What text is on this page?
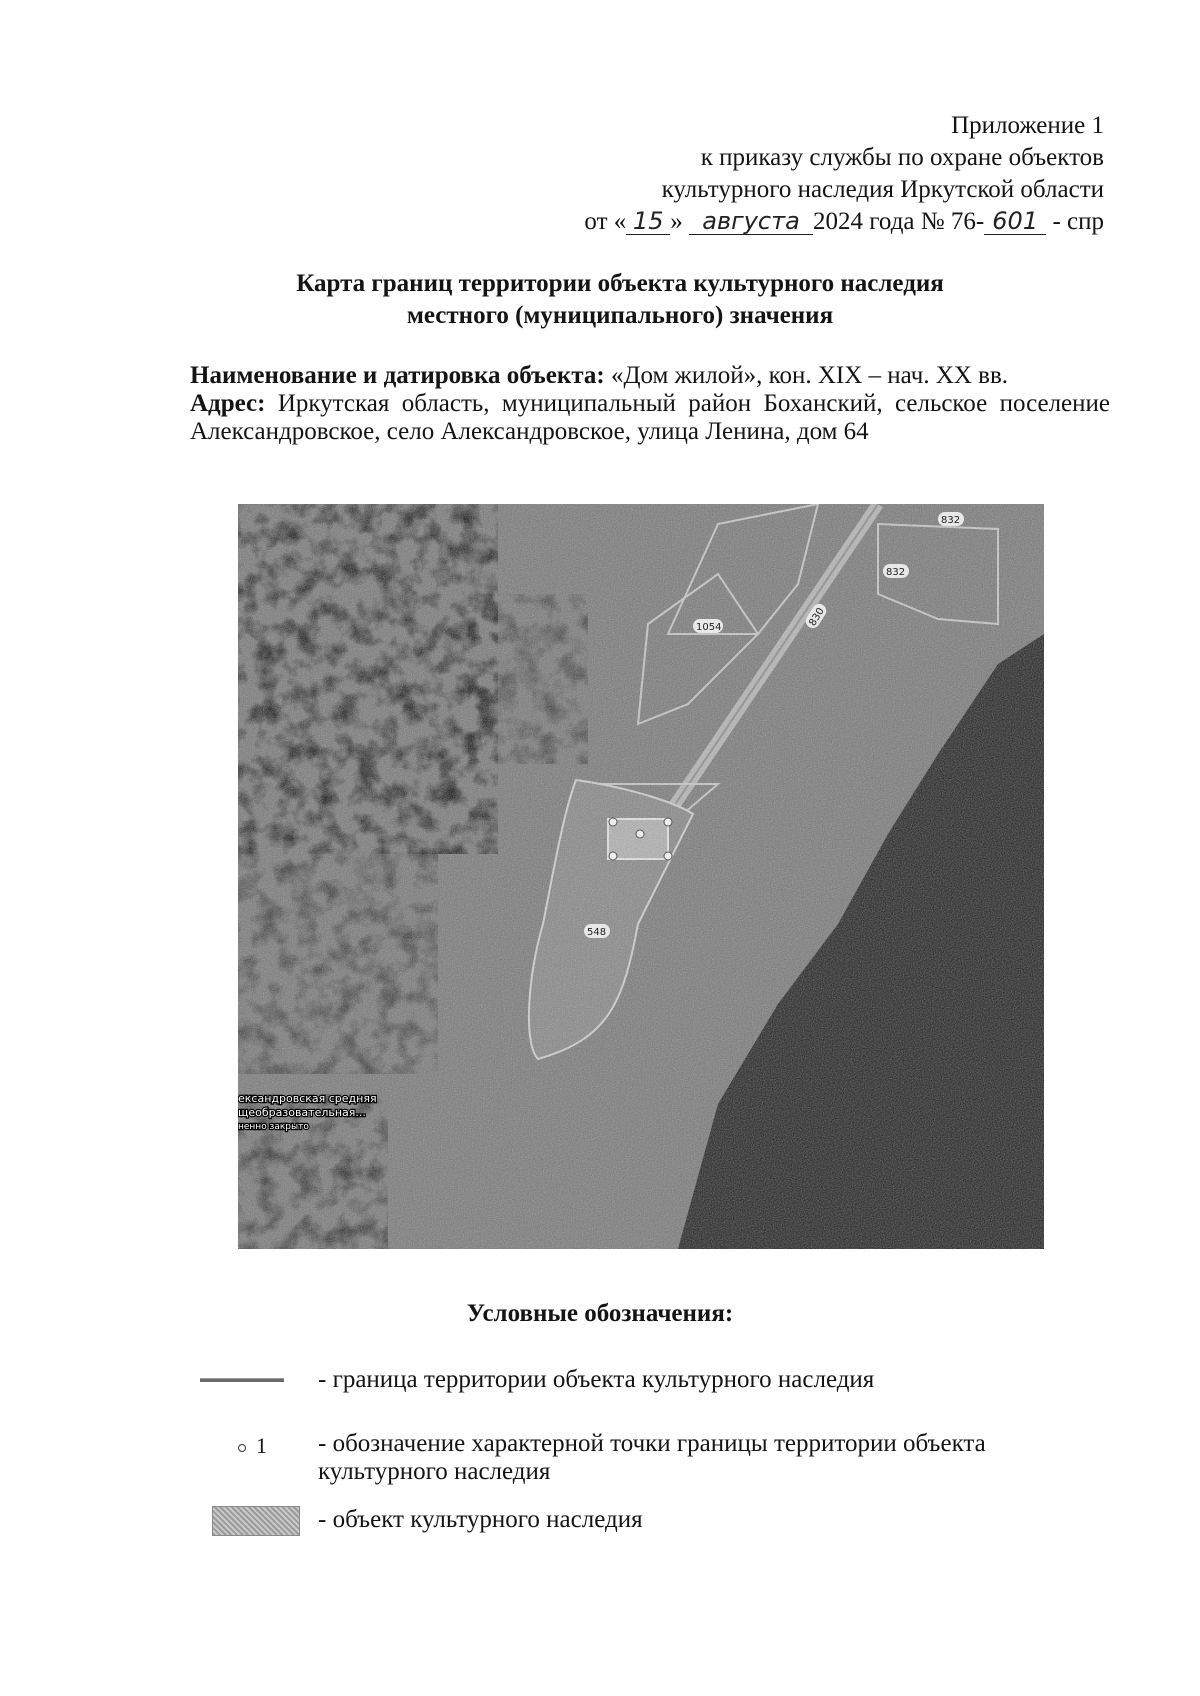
Приложение 1
к приказу службы по охране объектов
культурного наследия Иркутской области
от « 15 » августа 2024 года № 76- 601 - спр
Карта границ территории объекта культурного наследия
местного (муниципального) значения
Наименование и датировка объекта: «Дом жилой», кон. XIX – нач. XX вв.
Адрес: Иркутская область, муниципальный район Боханский, сельское поселение Александровское, село Александровское, улица Ленина, дом 64
832
832
1054
548
830
ександровская средняя
щеобразовательная...
ненно закрыто
Условные обозначения:
- граница территории объекта культурного наследия
1 - обозначение характерной точки границы территории объекта культурного наследия
- объект культурного наследия
